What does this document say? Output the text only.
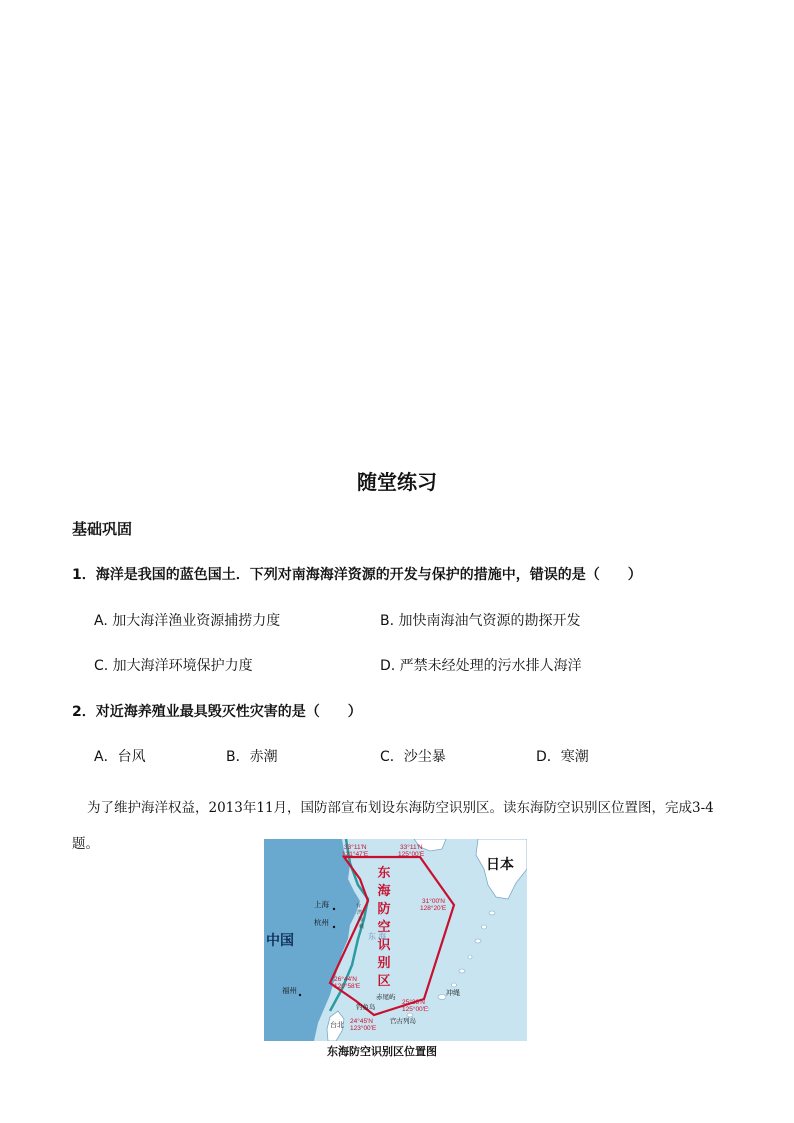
随堂练习
基础巩固
1．海洋是我国的蓝色国土．下列对南海海洋资源的开发与保护的措施中，错误的是（　　）
A. 加大海洋渔业资源捕捞力度	B. 加快南海油气资源的勘探开发
C. 加大海洋环境保护力度	D. 严禁未经处理的污水排人海洋
2．对近海养殖业最具毁灭性灾害的是（　　）
A．台风	B．赤潮	C．沙尘暴	D．寒潮
为了维护海洋权益，2013年11月，国防部宣布划设东海防空识别区。读东海防空识别区位置图，完成3-4题。	33°11'N
121°47'E
33°11'N
125°00'E
31°00'N
128°20'E
26°44'N
120°58'E
25°38'N
125°00'E
24°45'N
123°00'E
东
海
防
空
识
别
区
中国
日本
东 海
台
湾
海
峡
上海
杭州
福州
台北
冲绳
钓鱼岛
赤尾屿
宫古列岛
东海防空识别区位置图
